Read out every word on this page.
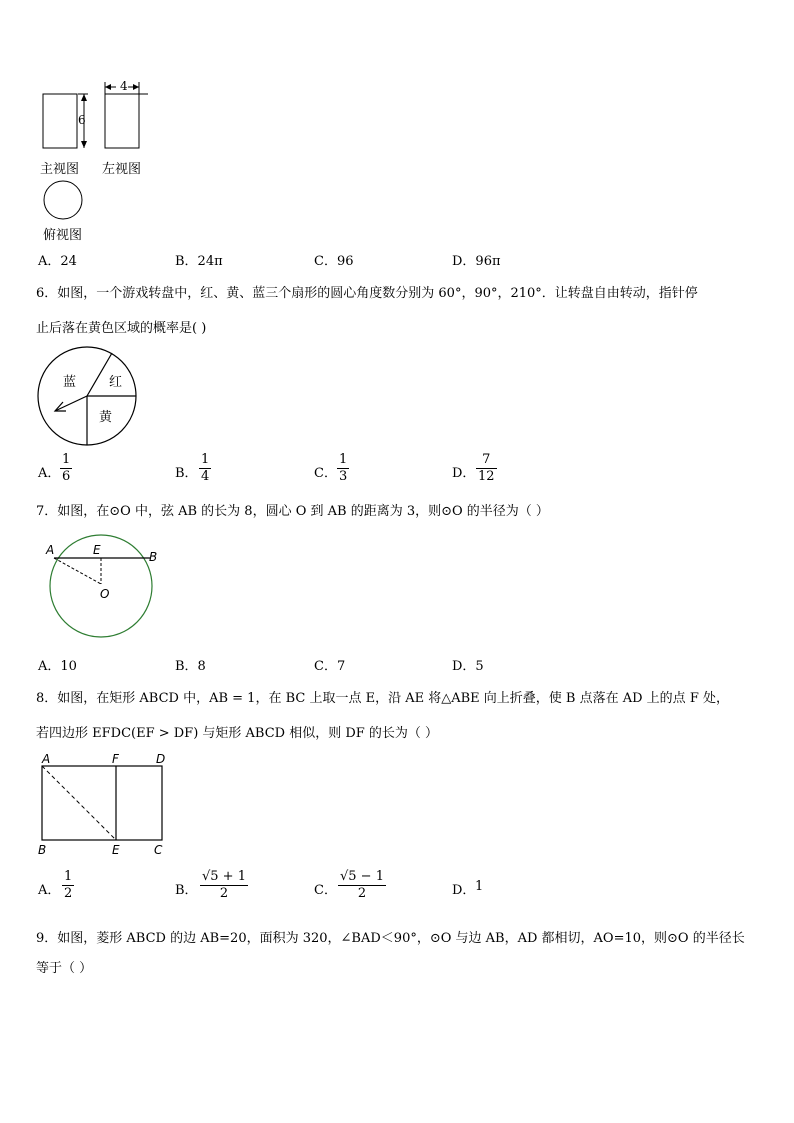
6
4
主视图 左视图
俯视图
A．24	B．24π	C．96	D．96π
6．如图，一个游戏转盘中，红、黄、蓝三个扇形的圆心角度数分别为 60°，90°，210°．让转盘自由转动，指针停
止后落在黄色区域的概率是( )
蓝	红
黄
A．
1
6	B．
1
4	C．
1
3	D．
7
12
7．如图，在⊙O 中，弦 AB 的长为 8，圆心 O 到 AB 的距离为 3，则⊙O 的半径为（ ）
A	E	B
O
A．10	B．8	C．7	D．5
8．如图，在矩形 ABCD 中，AB = 1，在 BC 上取一点 E，沿 AE 将△ABE 向上折叠，使 B 点落在 AD 上的点 F 处，
若四边形 EFDC(EF > DF) 与矩形 ABCD 相似，则 DF 的长为（ ）
A	F	D
B	E	C
A．
1
2	B．
√5 + 1
2	C．
√5 − 1
2	D． 1
9．如图，菱形 ABCD 的边 AB=20，面积为 320，∠BAD＜90°，⊙O 与边 AB，AD 都相切，AO=10，则⊙O 的半径长
等于（ ）
